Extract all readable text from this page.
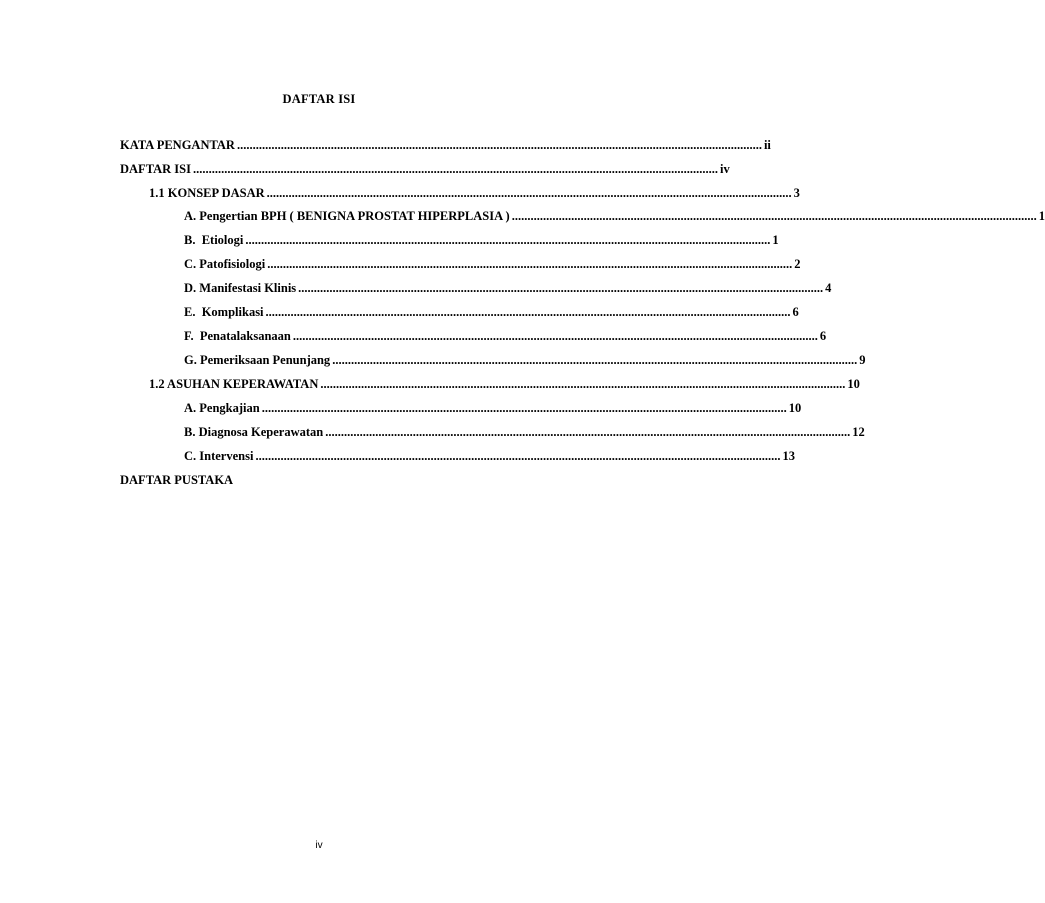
DAFTAR ISI
KATA PENGANTAR ........................................................................................................................................................................ ii
DAFTAR ISI ........................................................................................................................................................................ iv
1.1 KONSEP DASAR ........................................................................................................................................................................ 3
A. Pengertian BPH ( BENIGNA PROSTAT HIPERPLASIA ) ........................................................................................................................................................................ 1
B.  Etiologi ........................................................................................................................................................................ 1
C. Patofisiologi ........................................................................................................................................................................ 2
D. Manifestasi Klinis ........................................................................................................................................................................ 4
E.  Komplikasi ........................................................................................................................................................................ 6
F.  Penatalaksanaan ........................................................................................................................................................................ 6
G. Pemeriksaan Penunjang ........................................................................................................................................................................ 9
1.2 ASUHAN KEPERAWATAN ........................................................................................................................................................................ 10
A. Pengkajian ........................................................................................................................................................................ 10
B. Diagnosa Keperawatan ........................................................................................................................................................................ 12
C. Intervensi ........................................................................................................................................................................ 13
DAFTAR PUSTAKA
iv
